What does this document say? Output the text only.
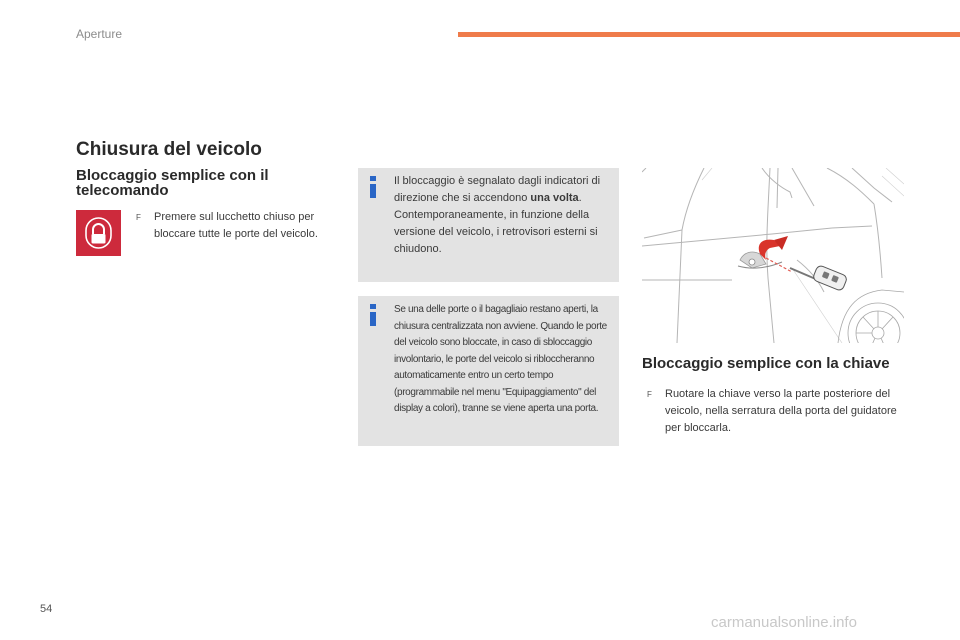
Aperture
Chiusura del veicolo
Bloccaggio semplice con il telecomando
F Premere sul lucchetto chiuso per bloccare tutte le porte del veicolo.
Il bloccaggio è segnalato dagli indicatori di direzione che si accendono una volta.
Contemporaneamente, in funzione della versione del veicolo, i retrovisori esterni si chiudono.
Se una delle porte o il bagagliaio restano aperti, la chiusura centralizzata non avviene. Quando le porte del veicolo sono bloccate, in caso di sbloccaggio involontario, le porte del veicolo si ribloccheranno automaticamente entro un certo tempo (programmabile nel menu "Equipaggiamento" del display a colori), tranne se viene aperta una porta.
Bloccaggio semplice con la chiave
F Ruotare la chiave verso la parte posteriore del veicolo, nella serratura della porta del guidatore per bloccarla.
54
carmanualsonline.info
